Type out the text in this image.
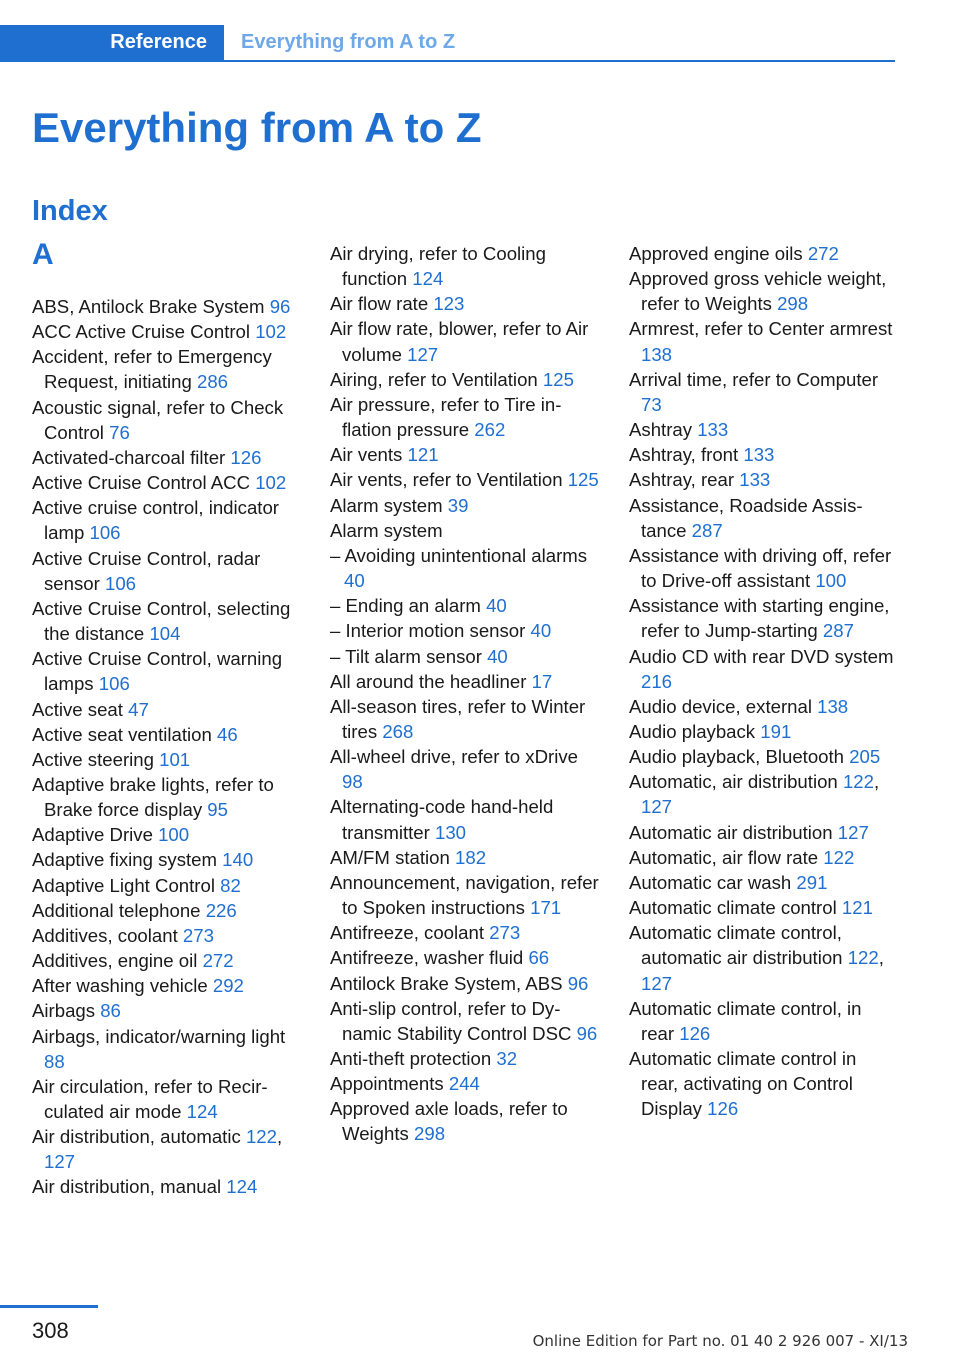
Reference	Everything from A to Z
Everything from A to Z
Index
A
ABS, Antilock Brake System 96
ACC Active Cruise Control 102
Accident, refer to Emergency Request, initiating 286
Acoustic signal, refer to Check Control 76
Activated-charcoal filter 126
Active Cruise Control ACC 102
Active cruise control, indicator lamp 106
Active Cruise Control, radar sensor 106
Active Cruise Control, selecting the distance 104
Active Cruise Control, warning lamps 106
Active seat 47
Active seat ventilation 46
Active steering 101
Adaptive brake lights, refer to Brake force display 95
Adaptive Drive 100
Adaptive fixing system 140
Adaptive Light Control 82
Additional telephone 226
Additives, coolant 273
Additives, engine oil 272
After washing vehicle 292
Airbags 86
Airbags, indicator/warning light 88
Air circulation, refer to Recirculated air mode 124
Air distribution, automatic 122, 127
Air distribution, manual 124
Air drying, refer to Cooling function 124
Air flow rate 123
Air flow rate, blower, refer to Air volume 127
Airing, refer to Ventilation 125
Air pressure, refer to Tire inflation pressure 262
Air vents 121
Air vents, refer to Ventilation 125
Alarm system 39
Alarm system
– Avoiding unintentional alarms 40
– Ending an alarm 40
– Interior motion sensor 40
– Tilt alarm sensor 40
All around the headliner 17
All-season tires, refer to Winter tires 268
All-wheel drive, refer to xDrive 98
Alternating-code hand-held transmitter 130
AM/FM station 182
Announcement, navigation, refer to Spoken instructions 171
Antifreeze, coolant 273
Antifreeze, washer fluid 66
Antilock Brake System, ABS 96
Anti-slip control, refer to Dynamic Stability Control DSC 96
Anti-theft protection 32
Appointments 244
Approved axle loads, refer to Weights 298
Approved engine oils 272
Approved gross vehicle weight, refer to Weights 298
Armrest, refer to Center armrest 138
Arrival time, refer to Computer 73
Ashtray 133
Ashtray, front 133
Ashtray, rear 133
Assistance, Roadside Assistance 287
Assistance with driving off, refer to Drive-off assistant 100
Assistance with starting engine, refer to Jump-starting 287
Audio CD with rear DVD system 216
Audio device, external 138
Audio playback 191
Audio playback, Bluetooth 205
Automatic, air distribution 122, 127
Automatic air distribution 127
Automatic, air flow rate 122
Automatic car wash 291
Automatic climate control 121
Automatic climate control, automatic air distribution 122, 127
Automatic climate control, in rear 126
Automatic climate control in rear, activating on Control Display 126
308	Online Edition for Part no. 01 40 2 926 007 - XI/13
